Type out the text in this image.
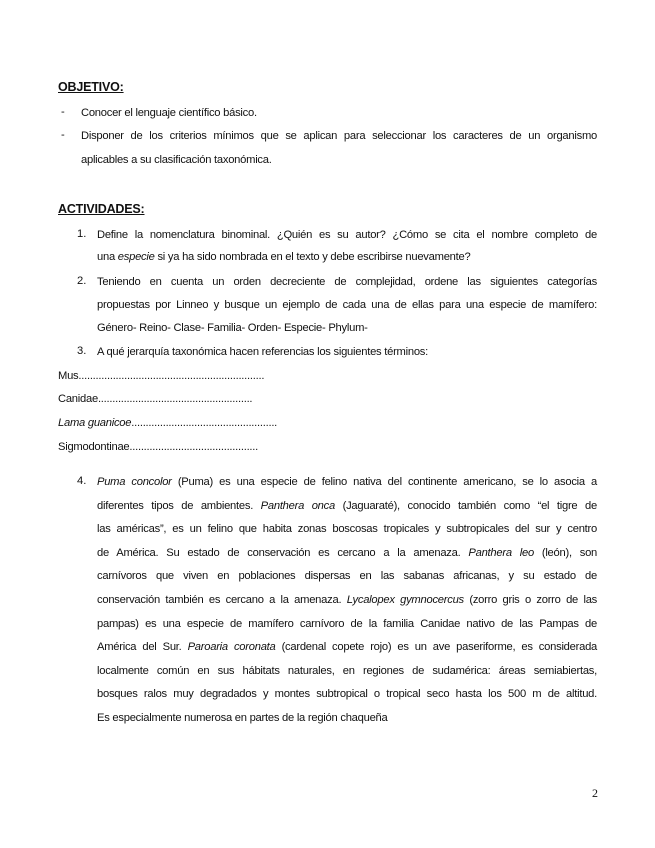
OBJETIVO:
- Conocer el lenguaje científico básico.
- Disponer de los criterios mínimos que se aplican para seleccionar los caracteres de un organismo
aplicables a su clasificación taxonómica.
ACTIVIDADES:
1. Define la nomenclatura binominal. ¿Quién es su autor? ¿Cómo se cita el nombre completo de
una especie si ya ha sido nombrada en el texto y debe escribirse nuevamente?
2. Teniendo en cuenta un orden decreciente de complejidad, ordene las siguientes categorías
propuestas por Linneo y busque un ejemplo de cada una de ellas para una especie de mamífero:
Género- Reino- Clase- Familia- Orden- Especie- Phylum-
3. A qué jerarquía taxonómica hacen referencias los siguientes términos:
Mus.................................................................
Canidae......................................................
Lama guanicoe...................................................
Sigmodontinae.............................................
4. Puma concolor (Puma) es una especie de felino nativa del continente americano, se lo asocia a
diferentes tipos de ambientes. Panthera onca (Jaguaraté), conocido también como “el tigre de
las américas”, es un felino que habita zonas boscosas tropicales y subtropicales del sur y centro
de América. Su estado de conservación es cercano a la amenaza. Panthera leo (león), son
carnívoros que viven en poblaciones dispersas en las sabanas africanas, y su estado de
conservación también es cercano a la amenaza. Lycalopex gymnocercus (zorro gris o zorro de las
pampas) es una especie de mamífero carnívoro de la familia Canidae nativo de las Pampas de
América del Sur. Paroaria coronata (cardenal copete rojo) es un ave paseriforme, es considerada
localmente común en sus hábitats naturales, en regiones de sudamérica: áreas semiabiertas,
bosques ralos muy degradados y montes subtropical o tropical seco hasta los 500 m de altitud.
Es especialmente numerosa en partes de la región chaqueña
2
